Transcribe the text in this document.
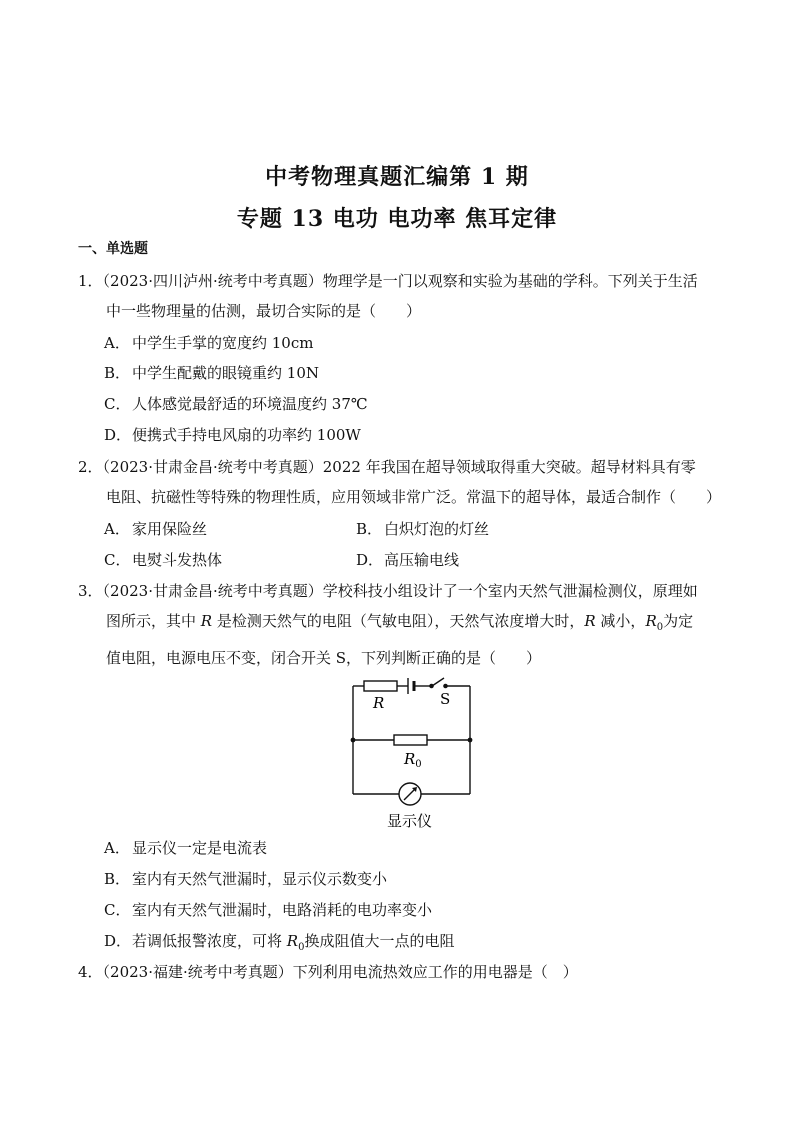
中考物理真题汇编第 1 期
专题 13 电功 电功率 焦耳定律
一、单选题
1．（2023·四川泸州·统考中考真题）物理学是一门以观察和实验为基础的学科。下列关于生活
中一些物理量的估测，最切合实际的是（　　）
A． 中学生手掌的宽度约 10cm
B． 中学生配戴的眼镜重约 10N
C． 人体感觉最舒适的环境温度约 37℃
D．便携式手持电风扇的功率约 100W
2．（2023·甘肃金昌·统考中考真题）2022 年我国在超导领域取得重大突破。超导材料具有零
电阻、抗磁性等特殊的物理性质，应用领域非常广泛。常温下的超导体，最适合制作（　　）
A． 家用保险丝	B． 白炽灯泡的灯丝
C． 电熨斗发热体	D．高压输电线
3．（2023·甘肃金昌·统考中考真题）学校科技小组设计了一个室内天然气泄漏检测仪，原理如
图所示，其中 R 是检测天然气的电阻（气敏电阻），天然气浓度增大时，R 减小，$R_0$为定
值电阻，电源电压不变，闭合开关 S，下列判断正确的是（　　）
R	S
$R_0$
显示仪
A． 显示仪一定是电流表
B． 室内有天然气泄漏时，显示仪示数变小
C． 室内有天然气泄漏时，电路消耗的电功率变小
D．若调低报警浓度，可将 $R_0$换成阻值大一点的电阻
4．（2023·福建·统考中考真题）下列利用电流热效应工作的用电器是（　）
